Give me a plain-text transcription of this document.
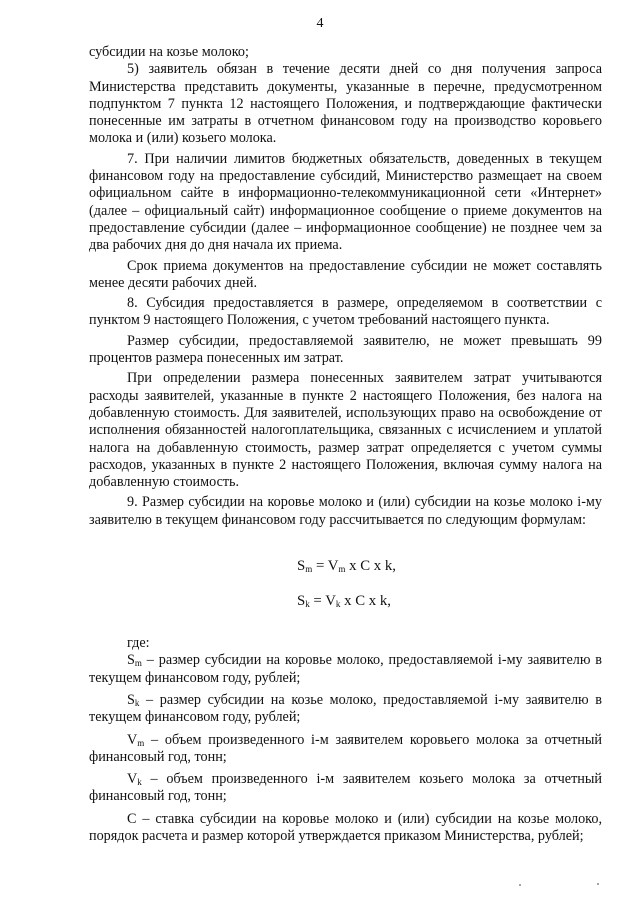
4

субсидии на козье молоко;

5) заявитель обязан в течение десяти дней со дня получения запроса Министерства представить документы, указанные в перечне, предусмотренном подпунктом 7 пункта 12 настоящего Положения, и подтверждающие фактически понесенные им затраты в отчетном финансовом году на производство коровьего молока и (или) козьего молока.

7. При наличии лимитов бюджетных обязательств, доведенных в текущем финансовом году на предоставление субсидий, Министерство размещает на своем официальном сайте в информационно-телекоммуникационной сети «Интернет» (далее – официальный сайт) информационное сообщение о приеме документов на предоставление субсидии (далее – информационное сообщение) не позднее чем за два рабочих дня до дня начала их приема.

Срок приема документов на предоставление субсидии не может составлять менее десяти рабочих дней.

8. Субсидия предоставляется в размере, определяемом в соответствии с пунктом 9 настоящего Положения, с учетом требований настоящего пункта.

Размер субсидии, предоставляемой заявителю, не может превышать 99 процентов размера понесенных им затрат.

При определении размера понесенных заявителем затрат учитываются расходы заявителей, указанные в пункте 2 настоящего Положения, без налога на добавленную стоимость. Для заявителей, использующих право на освобождение от исполнения обязанностей налогоплательщика, связанных с исчислением и уплатой налога на добавленную стоимость, размер затрат определяется с учетом суммы расходов, указанных в пункте 2 настоящего Положения, включая сумму налога на добавленную стоимость.

9. Размер субсидии на коровье молоко и (или) субсидии на козье молоко i-му заявителю в текущем финансовом году рассчитывается по следующим формулам:

$S_m = V_m$ x C x k,
$S_k = V_k$ x C x k,

где:

$S_m$ – размер субсидии на коровье молоко, предоставляемой i-му заявителю в текущем финансовом году, рублей;

$S_k$ – размер субсидии на козье молоко, предоставляемой i-му заявителю в текущем финансовом году, рублей;

$V_m$ – объем произведенного i-м заявителем коровьего молока за отчетный финансовый год, тонн;

$V_k$ – объем произведенного i-м заявителем козьего молока за отчетный финансовый год, тонн;

C – ставка субсидии на коровье молоко и (или) субсидии на козье молоко, порядок расчета и размер которой утверждается приказом Министерства, рублей;
